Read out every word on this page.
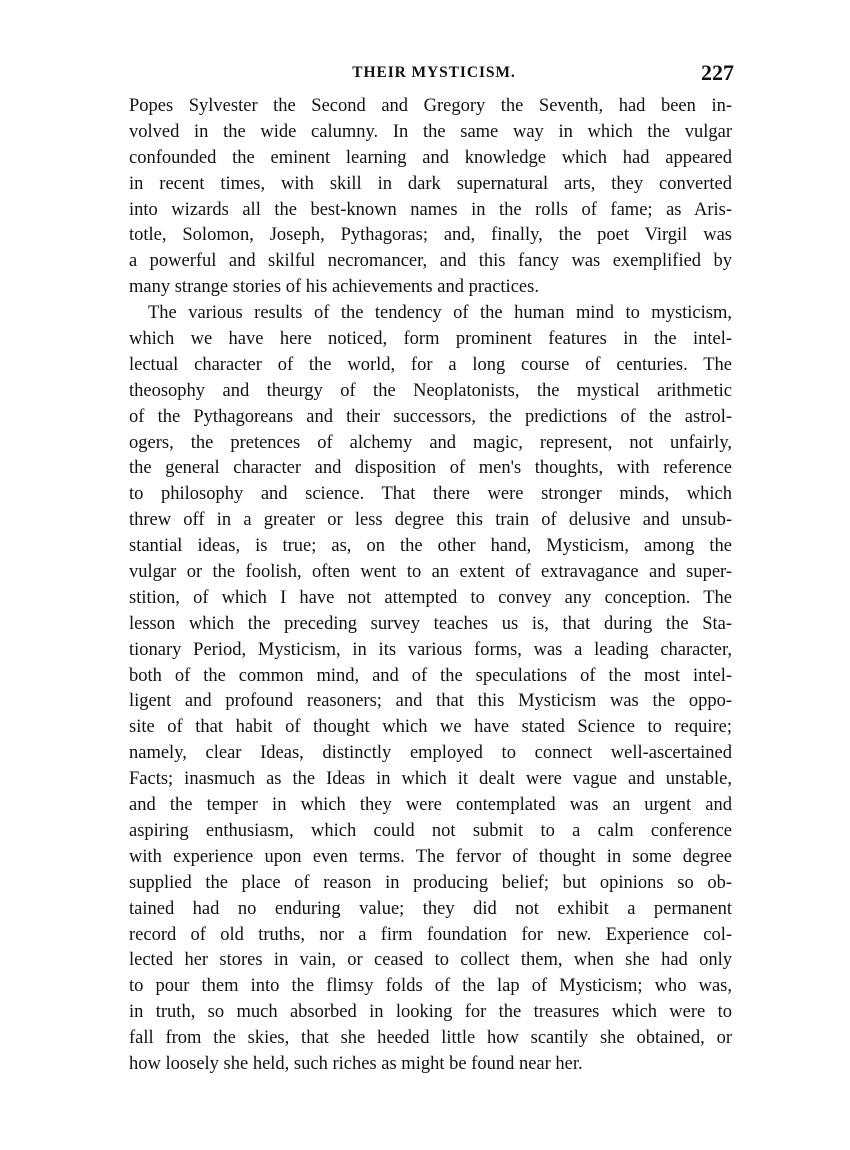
THEIR MYSTICISM.	227
Popes Sylvester the Second and Gregory the Seventh, had been in-
volved in the wide calumny. In the same way in which the vulgar
confounded the eminent learning and knowledge which had appeared
in recent times, with skill in dark supernatural arts, they converted
into wizards all the best-known names in the rolls of fame; as Aris-
totle, Solomon, Joseph, Pythagoras; and, finally, the poet Virgil was
a powerful and skilful necromancer, and this fancy was exemplified by
many strange stories of his achievements and practices.
The various results of the tendency of the human mind to mysticism,
which we have here noticed, form prominent features in the intel-
lectual character of the world, for a long course of centuries. The
theosophy and theurgy of the Neoplatonists, the mystical arithmetic
of the Pythagoreans and their successors, the predictions of the astrol-
ogers, the pretences of alchemy and magic, represent, not unfairly,
the general character and disposition of men's thoughts, with reference
to philosophy and science. That there were stronger minds, which
threw off in a greater or less degree this train of delusive and unsub-
stantial ideas, is true; as, on the other hand, Mysticism, among the
vulgar or the foolish, often went to an extent of extravagance and super-
stition, of which I have not attempted to convey any conception. The
lesson which the preceding survey teaches us is, that during the Sta-
tionary Period, Mysticism, in its various forms, was a leading character,
both of the common mind, and of the speculations of the most intel-
ligent and profound reasoners; and that this Mysticism was the oppo-
site of that habit of thought which we have stated Science to require;
namely, clear Ideas, distinctly employed to connect well-ascertained
Facts; inasmuch as the Ideas in which it dealt were vague and unstable,
and the temper in which they were contemplated was an urgent and
aspiring enthusiasm, which could not submit to a calm conference
with experience upon even terms. The fervor of thought in some degree
supplied the place of reason in producing belief; but opinions so ob-
tained had no enduring value; they did not exhibit a permanent
record of old truths, nor a firm foundation for new. Experience col-
lected her stores in vain, or ceased to collect them, when she had only
to pour them into the flimsy folds of the lap of Mysticism; who was,
in truth, so much absorbed in looking for the treasures which were to
fall from the skies, that she heeded little how scantily she obtained, or
how loosely she held, such riches as might be found near her.
